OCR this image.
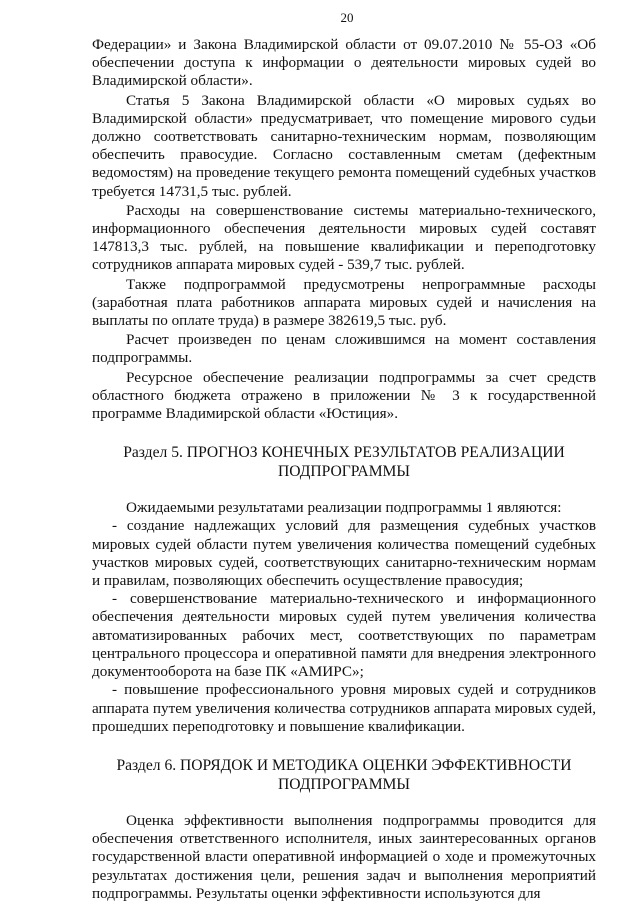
20

Федерации» и Закона Владимирской области от 09.07.2010 № 55-ОЗ «Об обеспечении доступа к информации о деятельности мировых судей во Владимирской области».

Статья 5 Закона Владимирской области «О мировых судьях во Владимирской области» предусматривает, что помещение мирового судьи должно соответствовать санитарно-техническим нормам, позволяющим обеспечить правосудие. Согласно составленным сметам (дефектным ведомостям) на проведение текущего ремонта помещений судебных участков требуется 14731,5 тыс. рублей.

Расходы на совершенствование системы материально-технического, информационного обеспечения деятельности мировых судей составят 147813,3 тыс. рублей, на повышение квалификации и переподготовку сотрудников аппарата мировых судей - 539,7 тыс. рублей.

Также подпрограммой предусмотрены непрограммные расходы (заработная плата работников аппарата мировых судей и начисления на выплаты по оплате труда) в размере 382619,5 тыс. руб.

Расчет произведен по ценам сложившимся на момент составления подпрограммы.

Ресурсное обеспечение реализации подпрограммы за счет средств областного бюджета отражено в приложении № 3 к государственной программе Владимирской области «Юстиция».

Раздел 5. ПРОГНОЗ КОНЕЧНЫХ РЕЗУЛЬТАТОВ РЕАЛИЗАЦИИ
ПОДПРОГРАММЫ

Ожидаемыми результатами реализации подпрограммы 1 являются:

- создание надлежащих условий для размещения судебных участков мировых судей области путем увеличения количества помещений судебных участков мировых судей, соответствующих санитарно-техническим нормам и правилам, позволяющих обеспечить осуществление правосудия;
- совершенствование материально-технического и информационного обеспечения деятельности мировых судей путем увеличения количества автоматизированных рабочих мест, соответствующих по параметрам центрального процессора и оперативной памяти для внедрения электронного документооборота на базе ПК «АМИРС»;
- повышение профессионального уровня мировых судей и сотрудников аппарата путем увеличения количества сотрудников аппарата мировых судей, прошедших переподготовку и повышение квалификации.
Раздел 6. ПОРЯДОК И МЕТОДИКА ОЦЕНКИ ЭФФЕКТИВНОСТИ
ПОДПРОГРАММЫ

Оценка эффективности выполнения подпрограммы проводится для обеспечения ответственного исполнителя, иных заинтересованных органов государственной власти оперативной информацией о ходе и промежуточных результатах достижения цели, решения задач и выполнения мероприятий подпрограммы. Результаты оценки эффективности используются для
